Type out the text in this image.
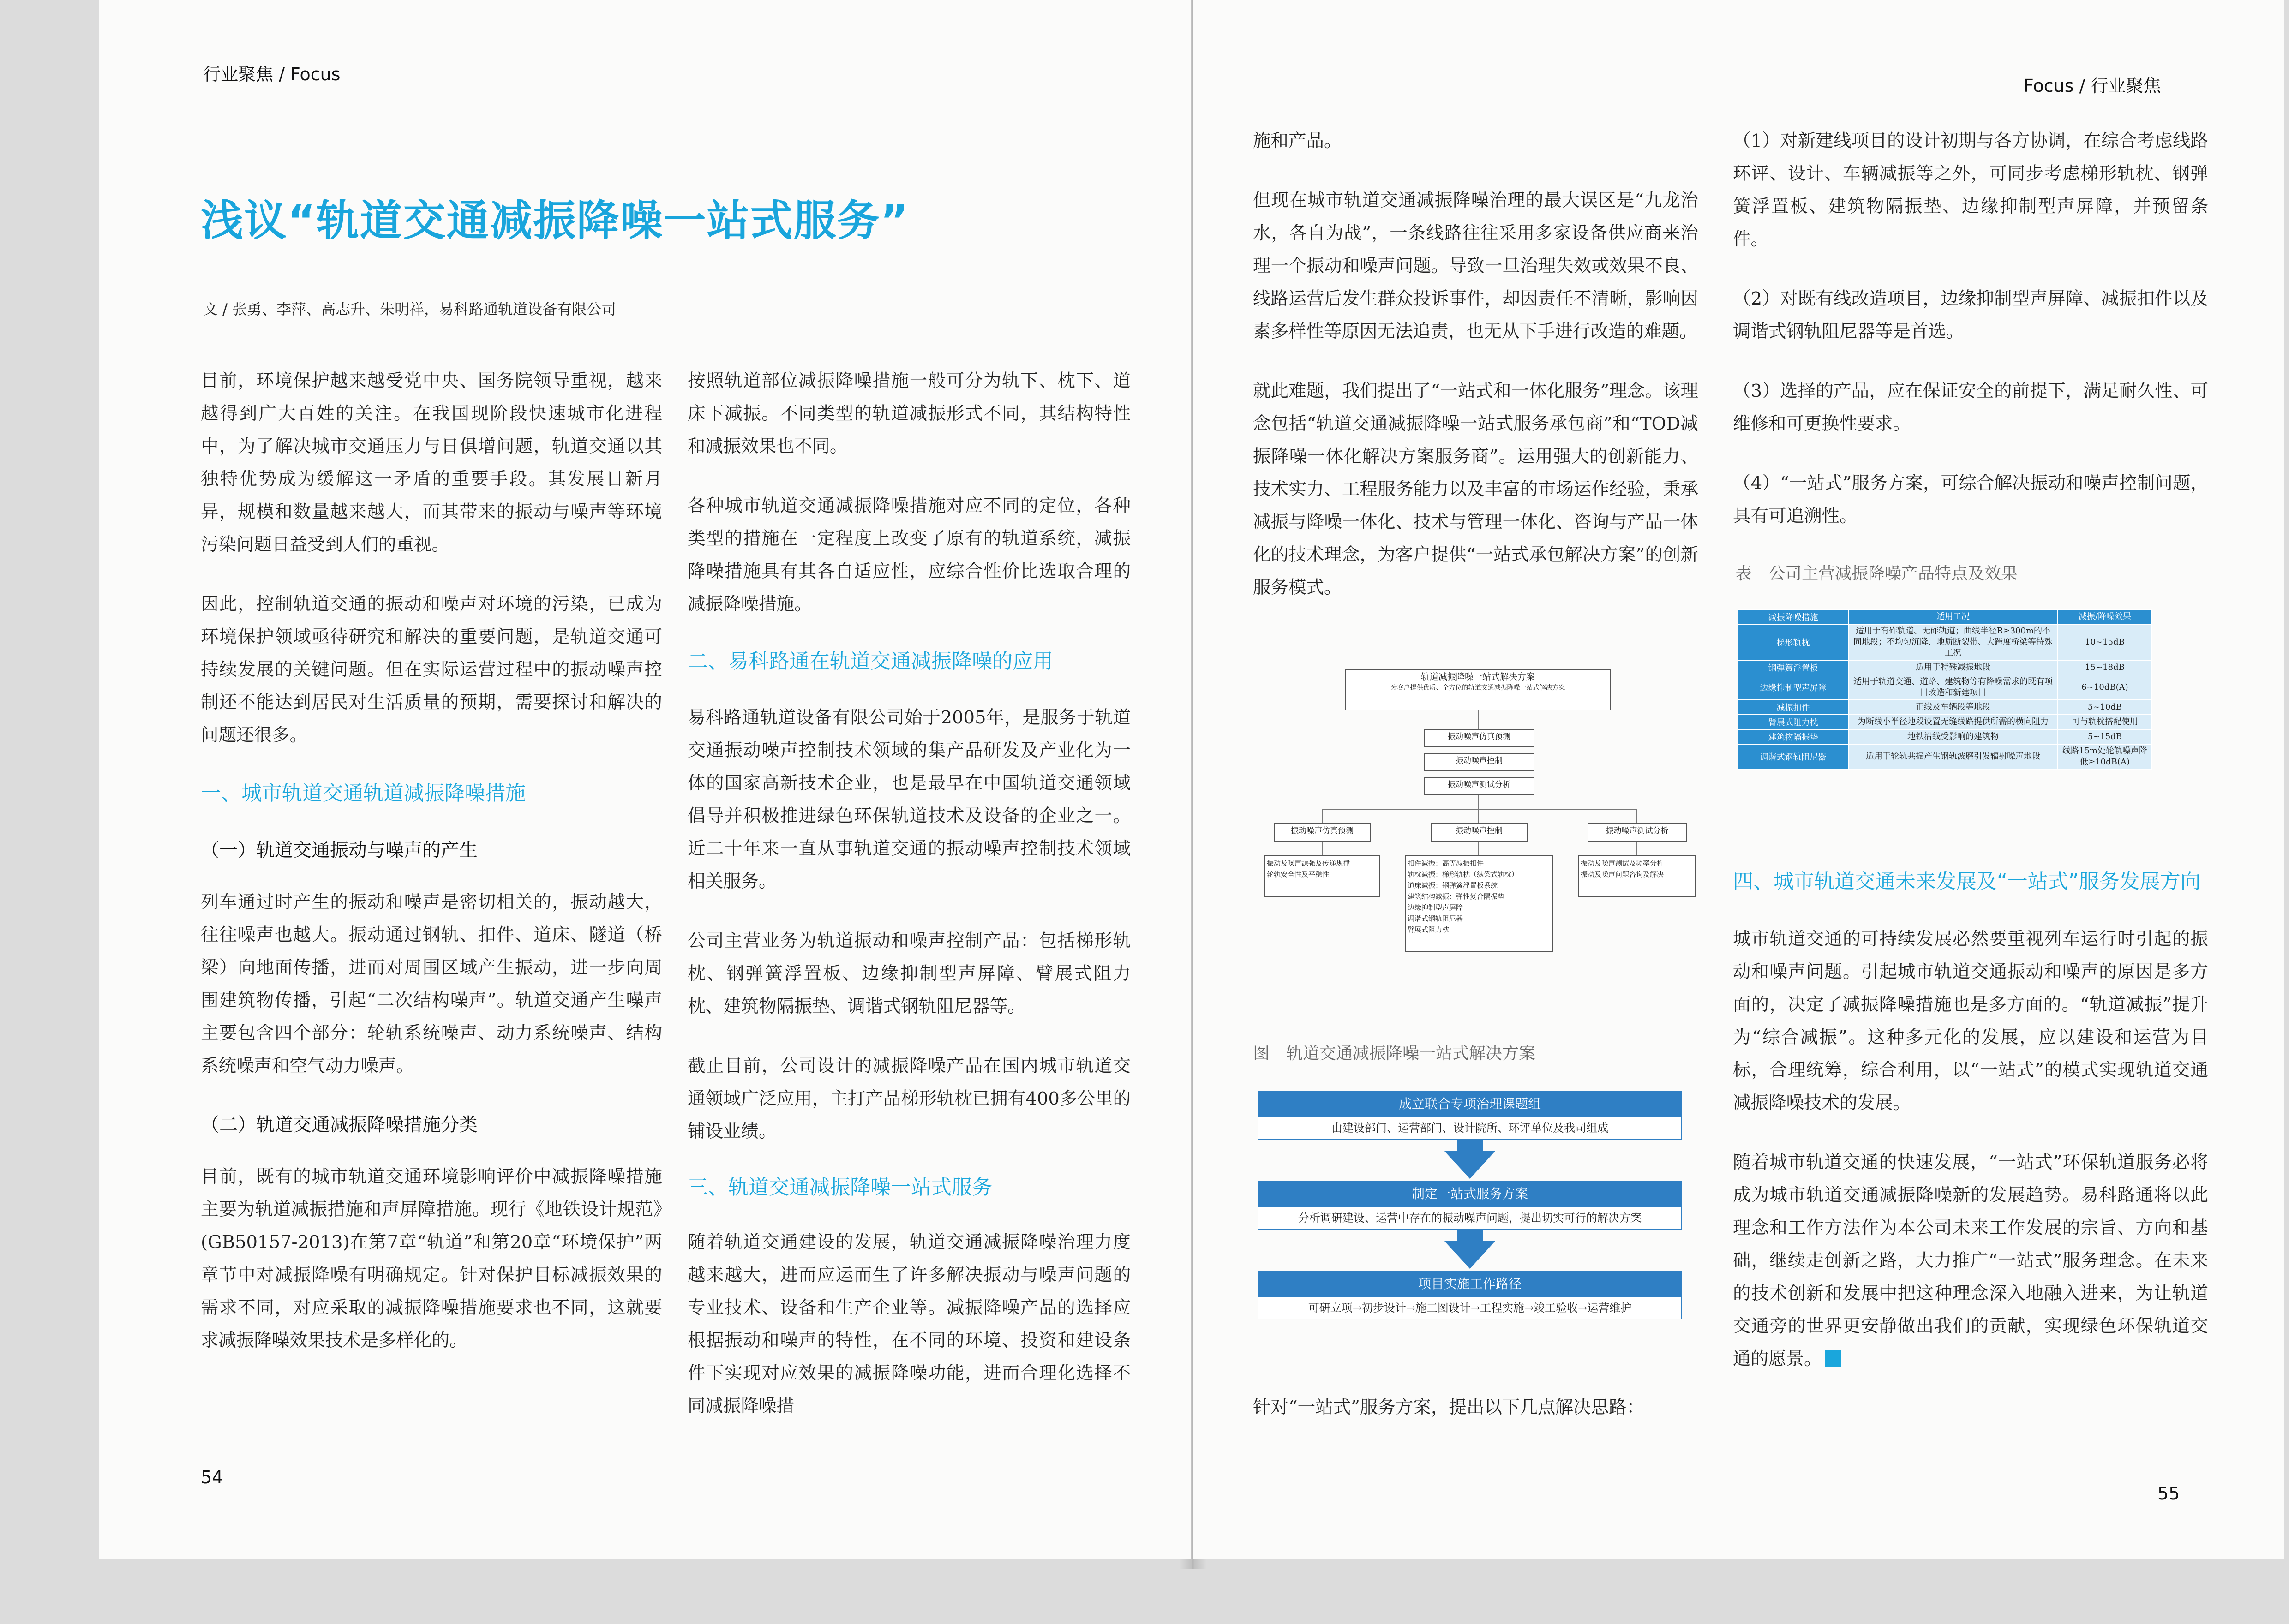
行业聚焦 / Focus
浅议“轨道交通减振降噪一站式服务”
文 / 张勇、李萍、高志升、朱明祥，易科路通轨道设备有限公司

目前，环境保护越来越受党中央、国务院领导重视，越来越得到广大百姓的关注。在我国现阶段快速城市化进程中，为了解决城市交通压力与日俱增问题，轨道交通以其独特优势成为缓解这一矛盾的重要手段。其发展日新月异，规模和数量越来越大，而其带来的振动与噪声等环境污染问题日益受到人们的重视。

因此，控制轨道交通的振动和噪声对环境的污染，已成为环境保护领域亟待研究和解决的重要问题，是轨道交通可持续发展的关键问题。但在实际运营过程中的振动噪声控制还不能达到居民对生活质量的预期，需要探讨和解决的问题还很多。

一、城市轨道交通轨道减振降噪措施

（一）轨道交通振动与噪声的产生

列车通过时产生的振动和噪声是密切相关的，振动越大，往往噪声也越大。振动通过钢轨、扣件、道床、隧道（桥梁）向地面传播，进而对周围区域产生振动，进一步向周围建筑物传播，引起“二次结构噪声”。轨道交通产生噪声主要包含四个部分：轮轨系统噪声、动力系统噪声、结构系统噪声和空气动力噪声。

（二）轨道交通减振降噪措施分类

目前，既有的城市轨道交通环境影响评价中减振降噪措施主要为轨道减振措施和声屏障措施。现行《地铁设计规范》(GB50157-2013)在第7章“轨道”和第20章“环境保护”两章节中对减振降噪有明确规定。针对保护目标减振效果的需求不同，对应采取的减振降噪措施要求也不同，这就要求减振降噪效果技术是多样化的。

按照轨道部位减振降噪措施一般可分为轨下、枕下、道床下减振。不同类型的轨道减振形式不同，其结构特性和减振效果也不同。

各种城市轨道交通减振降噪措施对应不同的定位，各种类型的措施在一定程度上改变了原有的轨道系统，减振降噪措施具有其各自适应性，应综合性价比选取合理的减振降噪措施。

二、易科路通在轨道交通减振降噪的应用

易科路通轨道设备有限公司始于2005年，是服务于轨道交通振动噪声控制技术领域的集产品研发及产业化为一体的国家高新技术企业，也是最早在中国轨道交通领域倡导并积极推进绿色环保轨道技术及设备的企业之一。近二十年来一直从事轨道交通的振动噪声控制技术领域相关服务。

公司主营业务为轨道振动和噪声控制产品：包括梯形轨枕、钢弹簧浮置板、边缘抑制型声屏障、臂展式阻力枕、建筑物隔振垫、调谐式钢轨阻尼器等。

截止目前，公司设计的减振降噪产品在国内城市轨道交通领域广泛应用，主打产品梯形轨枕已拥有400多公里的铺设业绩。

三、轨道交通减振降噪一站式服务

随着轨道交通建设的发展，轨道交通减振降噪治理力度越来越大，进而应运而生了许多解决振动与噪声问题的专业技术、设备和生产企业等。减振降噪产品的选择应根据振动和噪声的特性，在不同的环境、投资和建设条件下实现对应效果的减振降噪功能，进而合理化选择不同减振降噪措

54
Focus / 行业聚焦

施和产品。

但现在城市轨道交通减振降噪治理的最大误区是“九龙治水，各自为战”，一条线路往往采用多家设备供应商来治理一个振动和噪声问题。导致一旦治理失效或效果不良、线路运营后发生群众投诉事件，却因责任不清晰，影响因素多样性等原因无法追责，也无从下手进行改造的难题。

就此难题，我们提出了“一站式和一体化服务”理念。该理念包括“轨道交通减振降噪一站式服务承包商”和“TOD减振降噪一体化解决方案服务商”。运用强大的创新能力、技术实力、工程服务能力以及丰富的市场运作经验，秉承减振与降噪一体化、技术与管理一体化、咨询与产品一体化的技术理念，为客户提供“一站式承包解决方案”的创新服务模式。

轨道减振降噪一站式解决方案
为客户提供优质、全方位的轨道交通减振降噪一站式解决方案
振动噪声仿真预测
振动噪声控制
振动噪声测试分析
振动噪声仿真预测	振动噪声控制	振动噪声测试分析
振动及噪声源强及传递规律
轮轨安全性及平稳性
扣件减振：高等减振扣件
轨枕减振：梯形轨枕（纵梁式轨枕）
道床减振：钢弹簧浮置板系统
建筑结构减振：弹性复合隔振垫
边缘抑制型声屏障
调谐式钢轨阻尼器
臂展式阻力枕
振动及噪声测试及频率分析
振动及噪声问题咨询及解决
图　轨道交通减振降噪一站式解决方案
成立联合专项治理课题组
由建设部门、运营部门、设计院所、环评单位及我司组成
制定一站式服务方案
分析调研建设、运营中存在的振动噪声问题，提出切实可行的解决方案
项目实施工作路径
可研立项→初步设计→施工图设计→工程实施→竣工验收→运营维护

针对“一站式”服务方案，提出以下几点解决思路：

（1）对新建线项目的设计初期与各方协调，在综合考虑线路环评、设计、车辆减振等之外，可同步考虑梯形轨枕、钢弹簧浮置板、建筑物隔振垫、边缘抑制型声屏障，并预留条件。

（2）对既有线改造项目，边缘抑制型声屏障、减振扣件以及调谐式钢轨阻尼器等是首选。

（3）选择的产品，应在保证安全的前提下，满足耐久性、可维修和可更换性要求。

（4）“一站式”服务方案，可综合解决振动和噪声控制问题，具有可追溯性。

表　公司主营减振降噪产品特点及效果
减振降噪措施	适用工况	减振/降噪效果
梯形轨枕	适用于有砟轨道、无砟轨道；曲线半径R≥300m的不同地段；不均匀沉降、地质断裂带、大跨度桥梁等特殊工况	10~15dB
钢弹簧浮置板	适用于特殊减振地段	15~18dB
边缘抑制型声屏障	适用于轨道交通、道路、建筑物等有降噪需求的既有项目改造和新建项目	6~10dB(A)
减振扣件	正线及车辆段等地段	5~10dB
臂展式阻力枕	为断线小半径地段设置无缝线路提供所需的横向阻力	可与轨枕搭配使用
建筑物隔振垫	地铁沿线受影响的建筑物	5~15dB
调谐式钢轨阻尼器	适用于轮轨共振产生钢轨波磨引发辐射噪声地段	线路15m处轮轨噪声降低≥10dB(A)

四、城市轨道交通未来发展及“一站式”服务发展方向

城市轨道交通的可持续发展必然要重视列车运行时引起的振动和噪声问题。引起城市轨道交通振动和噪声的原因是多方面的，决定了减振降噪措施也是多方面的。“轨道减振”提升为“综合减振”。这种多元化的发展，应以建设和运营为目标，合理统筹，综合利用，以“一站式”的模式实现轨道交通减振降噪技术的发展。

随着城市轨道交通的快速发展，“一站式”环保轨道服务必将成为城市轨道交通减振降噪新的发展趋势。易科路通将以此理念和工作方法作为本公司未来工作发展的宗旨、方向和基础，继续走创新之路，大力推广“一站式”服务理念。在未来的技术创新和发展中把这种理念深入地融入进来，为让轨道交通旁的世界更安静做出我们的贡献，实现绿色环保轨道交通的愿景。

55
